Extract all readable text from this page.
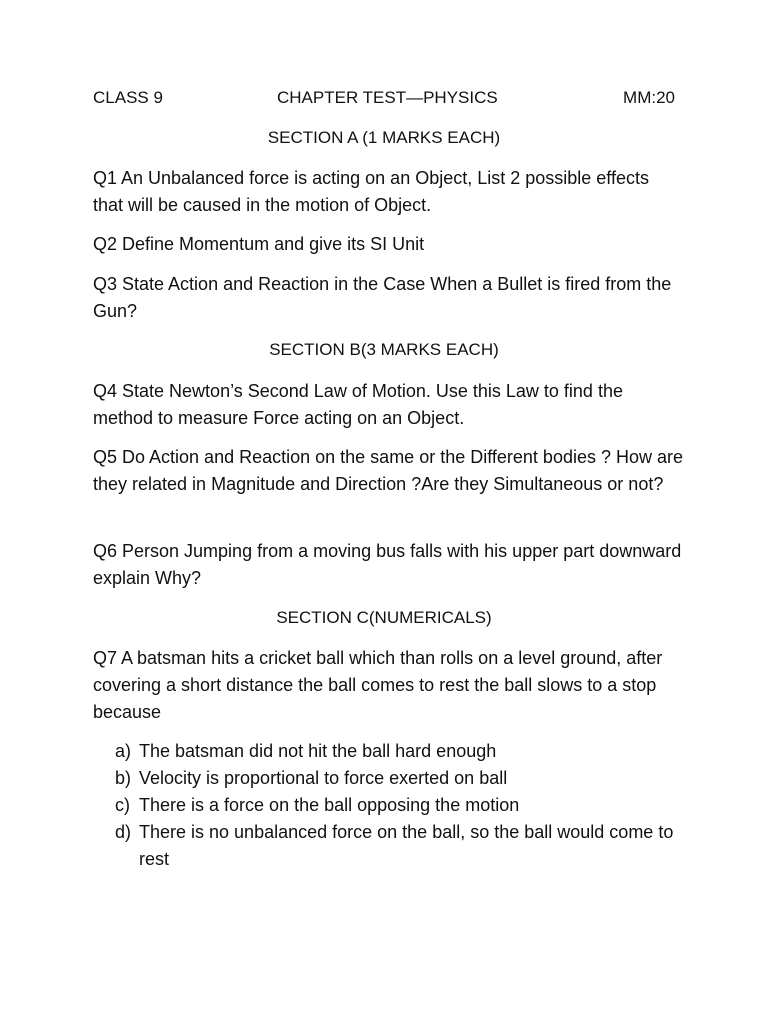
CLASS 9	CHAPTER TEST—PHYSICS	MM:20
SECTION A (1 MARKS EACH)
Q1 An Unbalanced force is acting on an Object, List 2 possible effects that will be caused in the motion of Object.
Q2 Define Momentum and give its SI Unit
Q3 State Action and Reaction in the Case When a Bullet is fired from the Gun?
SECTION B(3 MARKS EACH)
Q4 State Newton’s Second Law of Motion. Use this Law to find the method to measure Force acting on an Object.
Q5 Do Action and Reaction on the same or the Different bodies ? How are they related in Magnitude and Direction ?Are they Simultaneous or not?
Q6 Person Jumping from a moving bus falls with his upper part downward explain Why?
SECTION C(NUMERICALS)
Q7 A batsman hits a cricket ball which than rolls on a level ground, after covering a short distance the ball comes to rest the ball slows to a stop because
a) The batsman did not hit the ball hard enough
b) Velocity is proportional to force exerted on ball
c) There is a force on the ball opposing the motion
d) There is no unbalanced force on the ball, so the ball would come to rest
